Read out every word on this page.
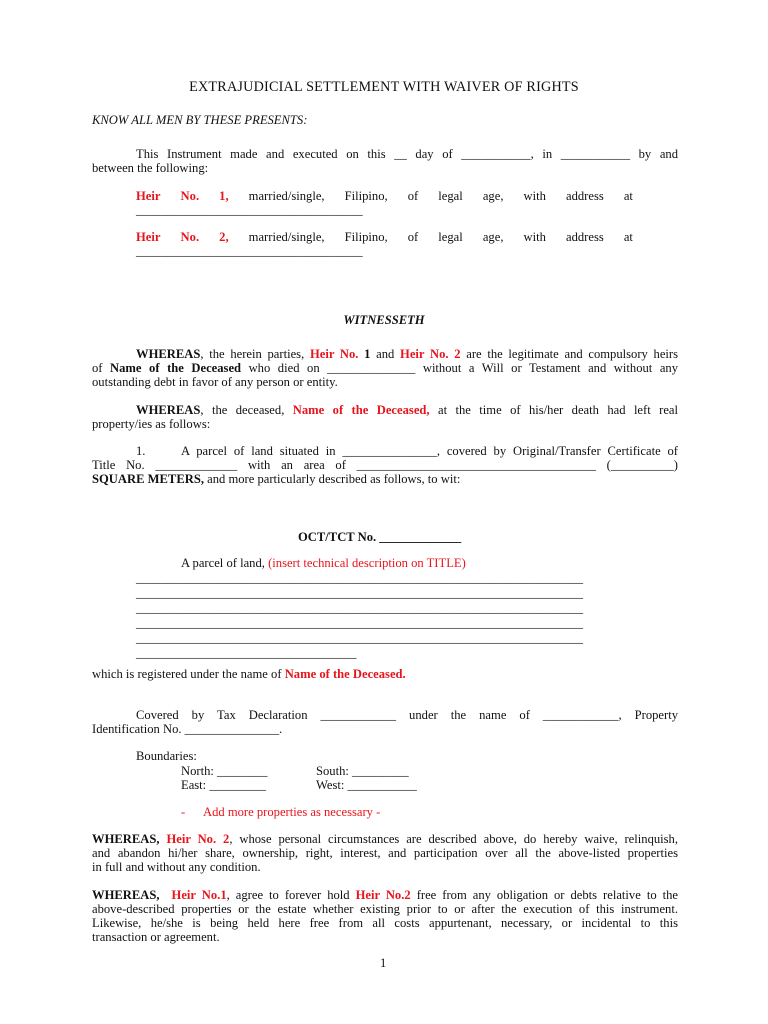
EXTRAJUDICIAL SETTLEMENT WITH WAIVER OF RIGHTS
KNOW ALL MEN BY THESE PRESENTS:
This Instrument made and executed on this __ day of ___________, in ___________ by and
between the following:
Heir No. 1, married/single, Filipino, of legal age, with address at
____________________________________
Heir No. 2, married/single, Filipino, of legal age, with address at
____________________________________
WITNESSETH
WHEREAS, the herein parties, Heir No. 1 and Heir No. 2 are the legitimate and compulsory heirs
of Name of the Deceased who died on ______________ without a Will or Testament and without any
outstanding debt in favor of any person or entity.
WHEREAS, the deceased, Name of the Deceased, at the time of his/her death had left real
property/ies as follows:
1.	A parcel of land situated in _______________, covered by Original/Transfer Certificate of
Title No. _____________ with an area of ______________________________________ (__________)
SQUARE METERS, and more particularly described as follows, to wit:
OCT/TCT No. _____________
A parcel of land, (insert technical description on TITLE)
_______________________________________________________________________
_______________________________________________________________________
_______________________________________________________________________
_______________________________________________________________________
_______________________________________________________________________
___________________________________
which is registered under the name of Name of the Deceased.
Covered by Tax Declaration ____________ under the name of ____________, Property
Identification No. _______________.
Boundaries:
North: ________	South: _________
East: _________	West: ___________
- Add more properties as necessary -
WHEREAS, Heir No. 2, whose personal circumstances are described above, do hereby waive, relinquish,
and abandon hi/her share, ownership, right, interest, and participation over all the above-listed properties
in full and without any condition.
WHEREAS, Heir No.1, agree to forever hold Heir No.2 free from any obligation or debts relative to the
above-described properties or the estate whether existing prior to or after the execution of this instrument.
Likewise, he/she is being held here free from all costs appurtenant, necessary, or incidental to this
transaction or agreement.
1
